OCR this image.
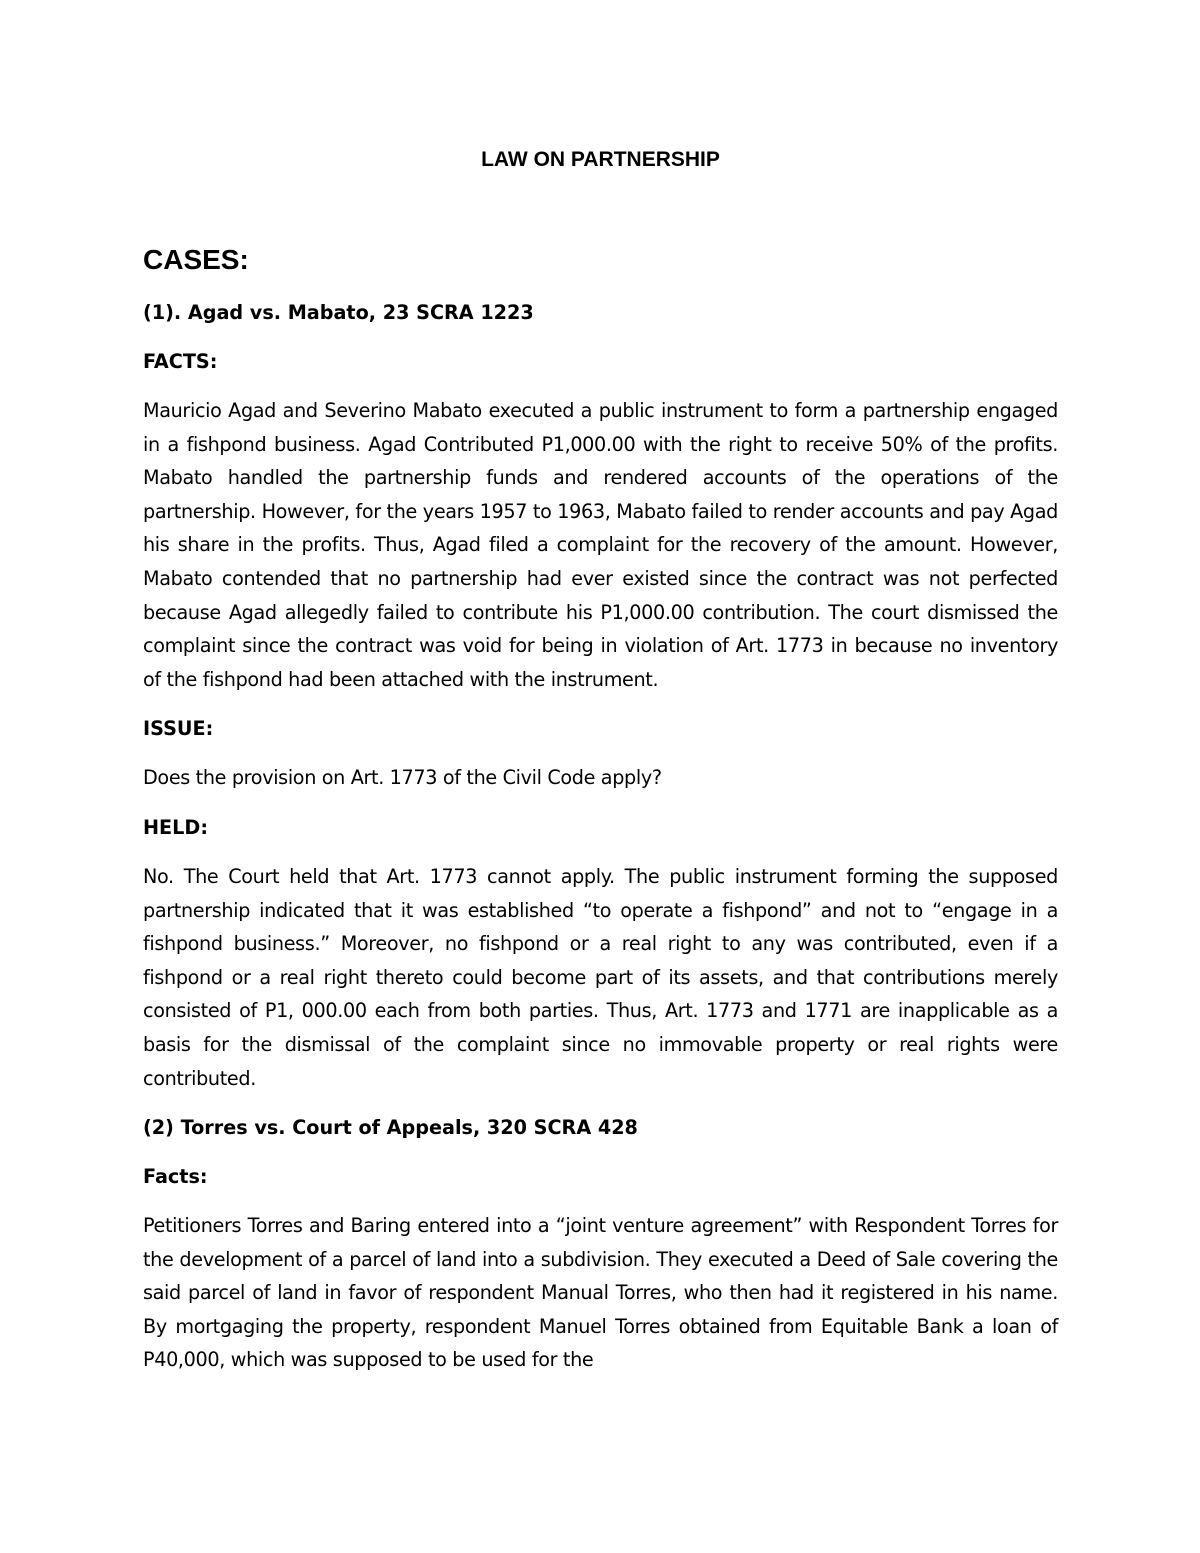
LAW ON PARTNERSHIP
CASES:

(1). Agad vs. Mabato, 23 SCRA 1223

FACTS:

Mauricio Agad and Severino Mabato executed a public instrument to form a partnership engaged in a fishpond business. Agad Contributed P1,000.00 with the right to receive 50% of the profits. Mabato handled the partnership funds and rendered accounts of the operations of the partnership. However, for the years 1957 to 1963, Mabato failed to render accounts and pay Agad his share in the profits. Thus, Agad filed a complaint for the recovery of the amount. However, Mabato contended that no partnership had ever existed since the contract was not perfected because Agad allegedly failed to contribute his P1,000.00 contribution. The court dismissed the complaint since the contract was void for being in violation of Art. 1773 in because no inventory of the fishpond had been attached with the instrument.

ISSUE:

Does the provision on Art. 1773 of the Civil Code apply?

HELD:

No. The Court held that Art. 1773 cannot apply. The public instrument forming the supposed partnership indicated that it was established “to operate a fishpond” and not to “engage in a fishpond business.” Moreover, no fishpond or a real right to any was contributed, even if a fishpond or a real right thereto could become part of its assets, and that contributions merely consisted of P1, 000.00 each from both parties. Thus, Art. 1773 and 1771 are inapplicable as a basis for the dismissal of the complaint since no immovable property or real rights were contributed.

(2) Torres vs. Court of Appeals, 320 SCRA 428

Facts:

Petitioners Torres and Baring entered into a “joint venture agreement” with Respondent Torres for the development of a parcel of land into a subdivision. They executed a Deed of Sale covering the said parcel of land in favor of respondent Manual Torres, who then had it registered in his name. By mortgaging the property, respondent Manuel Torres obtained from Equitable Bank a loan of P40,000, which was supposed to be used for the
